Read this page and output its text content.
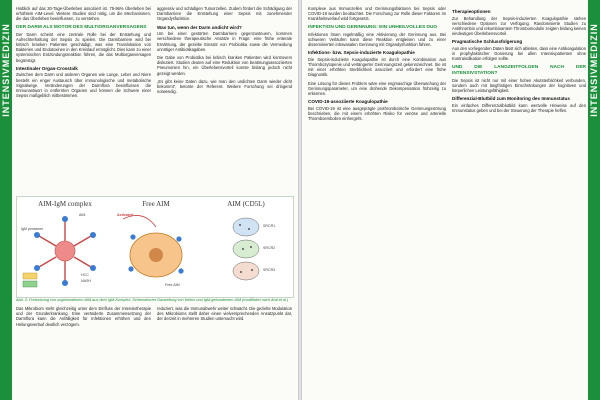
INTENSIVMEDIZIN

Hinblick auf das 30-Tage-Überleben assoziiert ist. 75-96% Überleben bei erhöhtem AIM-Level. Weitere Studien sind nötig, um die Mechanismen, die das Überleben beeinflussen, zu verstehen.

DER DARM ALS MOTOR DES MULTIORGANVERSAGENS

Der Darm scheint eine zentrale Rolle bei der Entstehung und Aufrechterhaltung der Sepsis zu spielen. Die Darmbarriere wird bei kritisch kranken Patienten geschädigt, was eine Translokation von Bakterien und Endotoxinen in den Kreislauf ermöglicht. Dies kann zu einer systemischen Entzündungsreaktion führen, die das Multiorganversagen begünstigt.

Intestinaler Organ-Crosstalk

Zwischen dem Darm und anderen Organen wie Lunge, Leber und Niere besteht ein enger Austausch über immunologische und metabolische Signalwege. Veränderungen der Darmflora beeinflussen die Immunantwort in entfernten Organen und können die Schwere einer Sepsis maßgeblich mitbestimmen.

aggressiv und schädigen Tumorzellen. Zudem fördert die Schädigung der Darmbarriere die Entstehung einer Sepsis mit zunehmender Organdysfunktion.

Was tun, wenn der Darm undicht wird?

Um bei einer gestörten Darmbarriere gegenzusteuern, kommen verschiedene therapeutische Ansätze in Frage: eine frühe enterale Ernährung, der gezielte Einsatz von Probiotika sowie die Vermeidung unnötiger Antibiotikagaben.

Die Gabe von Probiotika bei kritisch kranken Patienten wird kontrovers diskutiert. Studien deuten auf eine Reduktion von beatmungsassoziierten Pneumonien hin, ein Überlebensvorteil konnte bislang jedoch nicht gezeigt werden.

„Es gibt keine Daten dazu, wie man den undichten Darm wieder dicht bekommt“, betonte der Referent. Weitere Forschung sei dringend notwendig.

AIM-IgM complex
AIM
IgM pentamer
HCC
NASH
Free AIM
Activated
Free AIM
AIM (CD5L)
SRCR1
SRCR2
SRCR3
Abb. 2: Freisetzung von ungebundenem AIM aus dem IgM-Komplex: Schematische Darstellung von freiem und IgM-gebundenem AIM (modifiziert nach Arai et al.)

Das Mikrobiom steht gleichzeitig unter dem Einfluss der Intensivtherapie und der Grunderkrankung. Eine veränderte Zusammensetzung der Darmflora kann die Anfälligkeit für Infektionen erhöhen und den Heilungsverlauf deutlich verzögern.

reduziert, was die Immunabwehr weiter schwächt. Die gezielte Modulation des Mikrobioms stellt daher einen vielversprechenden Ansatzpunkt dar, der derzeit in mehreren Studien untersucht wird.

INTENSIVMEDIZIN

Komplexe aus Immunzellen und Gerinnungsfaktoren bei Sepsis oder COVID-19 wurden beobachtet. Die Forschung zur Rolle dieser Faktoren im Krankheitsverlauf wird fortgesetzt.

INFEKTION UND GERINNUNG: EIN UNHEILVOLLES DUO

Infektionen lösen regelmäßig eine Aktivierung der Gerinnung aus. Bei schweren Verläufen kann diese Reaktion entgleisen und zu einer disseminierten intravasalen Gerinnung mit Organdysfunktion führen.

Infektions- bzw. Sepsis-induzierte Koagulopathie

Die Sepsis-induzierte Koagulopathie ist durch eine Kombination aus Thrombozytopenie und verlängerter Gerinnungszeit gekennzeichnet. Sie ist mit einer erhöhten Sterblichkeit assoziiert und erfordert eine frühe Diagnostik.

Eine Lösung für dieses Problem wäre eine engmaschige Überwachung der Gerinnungsparameter, um eine drohende Dekompensation frühzeitig zu erkennen.

COVID-19-assoziierte Koagulopathie

Bei COVID-19 ist eine ausgeprägte prothrombotische Gerinnungsstörung beschrieben, die mit einem erhöhten Risiko für venöse und arterielle Thromboembolien einhergeht.

Therapieoptionen

Zur Behandlung der Sepsis-induzierten Koagulopathie stehen verschiedene Optionen zur Verfügung. Randomisierte Studien zu Antithrombin und rekombinantem Thrombomodulin zeigten bislang keinen eindeutigen Überlebensvorteil.

Pragmatische Schlussfolgerung

Aus den vorliegenden Daten lässt sich ableiten, dass eine Antikoagulation in prophylaktischer Dosierung bei allen Intensivpatienten ohne Kontraindikation erfolgen sollte.

UND DIE LANGZEITFOLGEN NACH DER INTENSIVSTATION?

Die Sepsis ist nicht nur mit einer hohen Akutsterblichkeit verbunden, sondern auch mit langfristigen Einschränkungen der kognitiven und körperlichen Leistungsfähigkeit.

Differenzial-Blutbild zum Monitoring des Immunstatus

Ein einfaches Differenzialblutbild kann wertvolle Hinweise auf den Immunstatus geben und bei der Steuerung der Therapie helfen.
